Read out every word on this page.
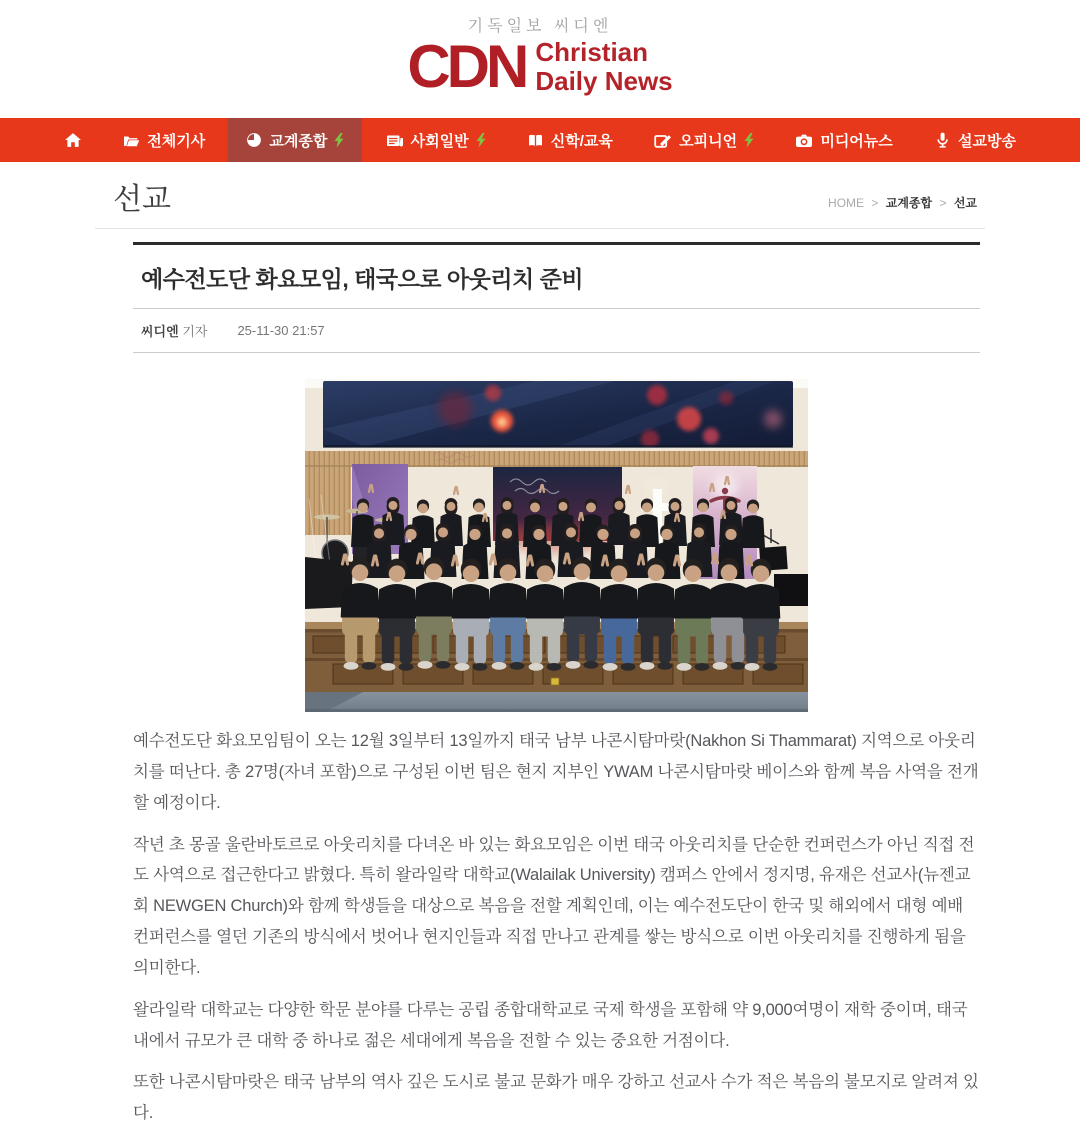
기독일보 씨디엔
CDN Christian
Daily News
전체기사	교계종합	사회일반	신학/교육	오피니언	미디어뉴스	설교방송
선교	HOME > 교계종합 > 선교
예수전도단 화요모임, 태국으로 아웃리치 준비
씨디엔 기자 25-11-30 21:57

예수전도단 화요모임팀이 오는 12월 3일부터 13일까지 태국 남부 나콘시탐마랏(Nakhon Si Thammarat) 지역으로 아웃리치를 떠난다. 총 27명(자녀 포함)으로 구성된 이번 팀은 현지 지부인 YWAM 나콘시탐마랏 베이스와 함께 복음 사역을 전개할 예정이다.

작년 초 몽골 울란바토르로 아웃리치를 다녀온 바 있는 화요모임은 이번 태국 아웃리치를 단순한 컨퍼런스가 아닌 직접 전도 사역으로 접근한다고 밝혔다. 특히 왈라일락 대학교(Walailak University) 캠퍼스 안에서 정지명, 유재은 선교사(뉴젠교회 NEWGEN Church)와 함께 학생들을 대상으로 복음을 전할 계획인데, 이는 예수전도단이 한국 및 해외에서 대형 예배 컨퍼런스를 열던 기존의 방식에서 벗어나 현지인들과 직접 만나고 관계를 쌓는 방식으로 이번 아웃리치를 진행하게 됨을 의미한다.

왈라일락 대학교는 다양한 학문 분야를 다루는 공립 종합대학교로 국제 학생을 포함해 약 9,000여명이 재학 중이며, 태국 내에서 규모가 큰 대학 중 하나로 젊은 세대에게 복음을 전할 수 있는 중요한 거점이다.

또한 나콘시탐마랏은 태국 남부의 역사 깊은 도시로 불교 문화가 매우 강하고 선교사 수가 적은 복음의 불모지로 알려져 있다.
